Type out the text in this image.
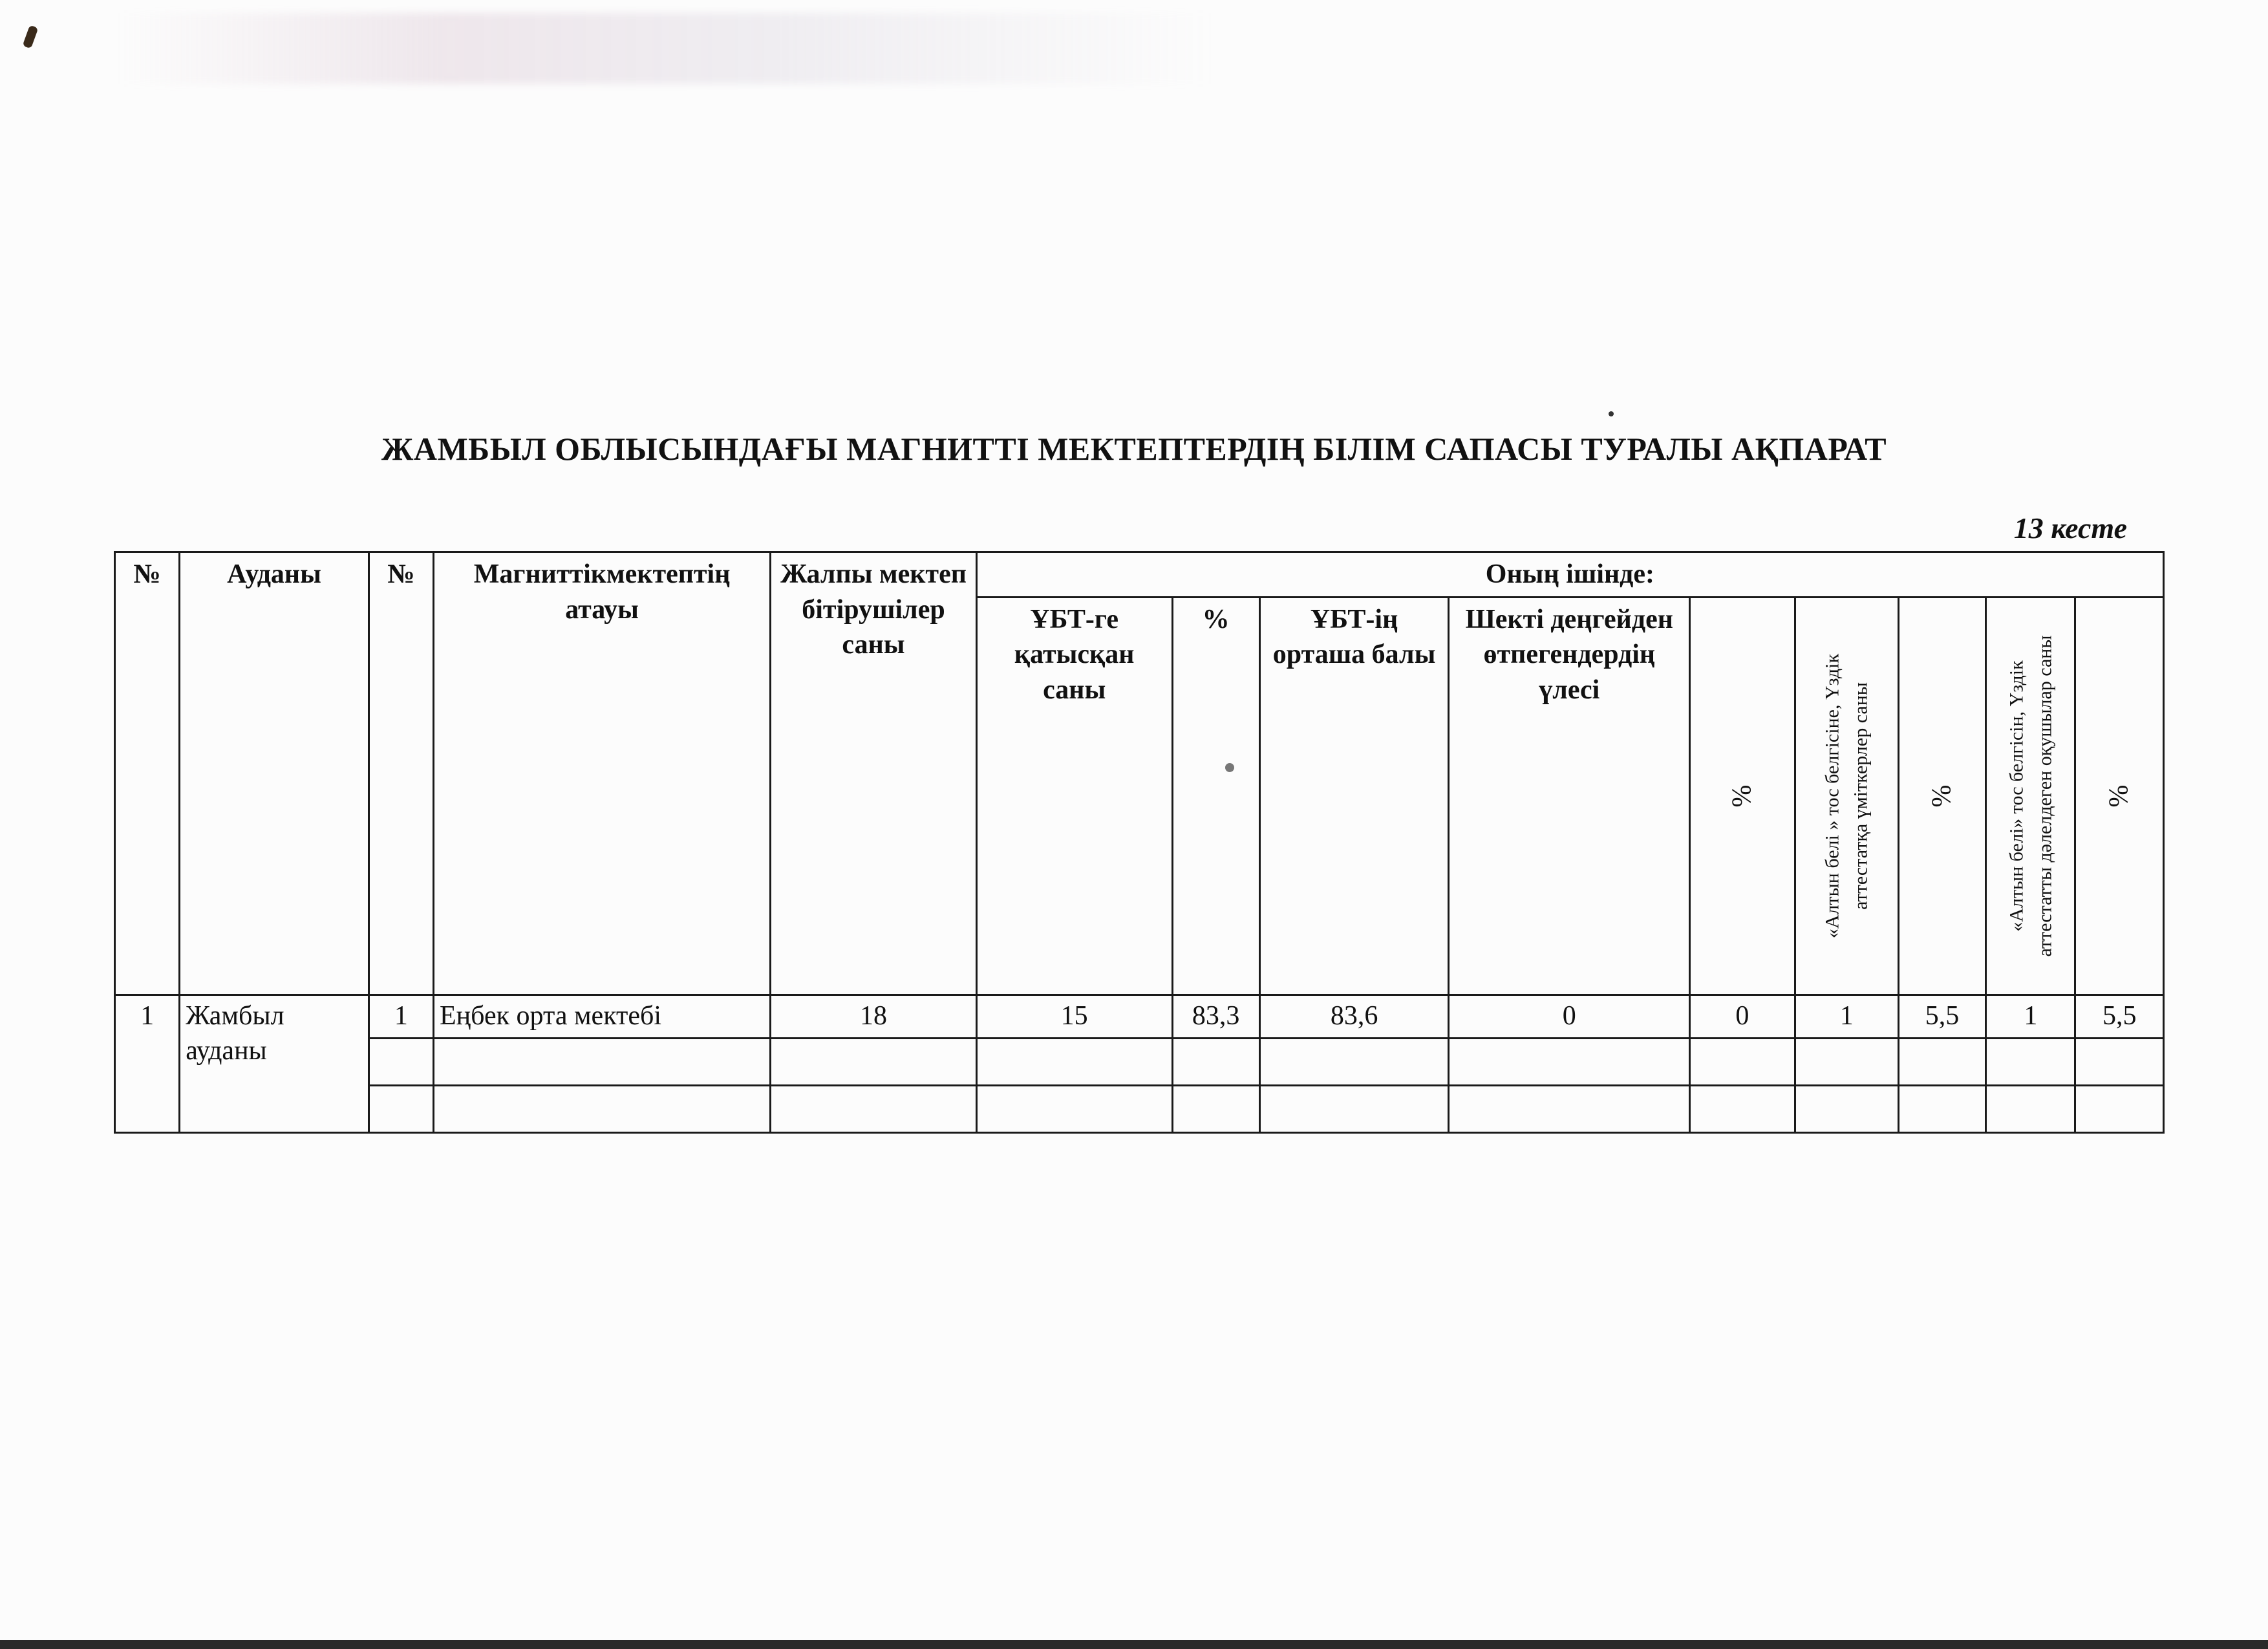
ЖАМБЫЛ ОБЛЫСЫНДАҒЫ МАГНИТТІ МЕКТЕПТЕРДІҢ БІЛІМ САПАСЫ ТУРАЛЫ АҚПАРАТ
13 кесте
№	Ауданы	№	Магниттікмектептің атауы	Жалпы мектеп бітірушілер саны	Оның ішінде:								
					ҰБТ-ге қатысқан саны	%	ҰБТ-ің орташа балы	Шекті деңгейден өтпегендердің үлесі	%	«Алтын белі » тос белгісіне, Үздік аттестатқа үміткерлер саны	%	«Алтын белі» тос белгісін, Үздік аттестатты дәлелдеген оқушылар саны	%

1	Жамбыл ауданы	1	Еңбек орта мектебі	18	15	83,3	83,6	0	0	1	5,5	1	5,5
